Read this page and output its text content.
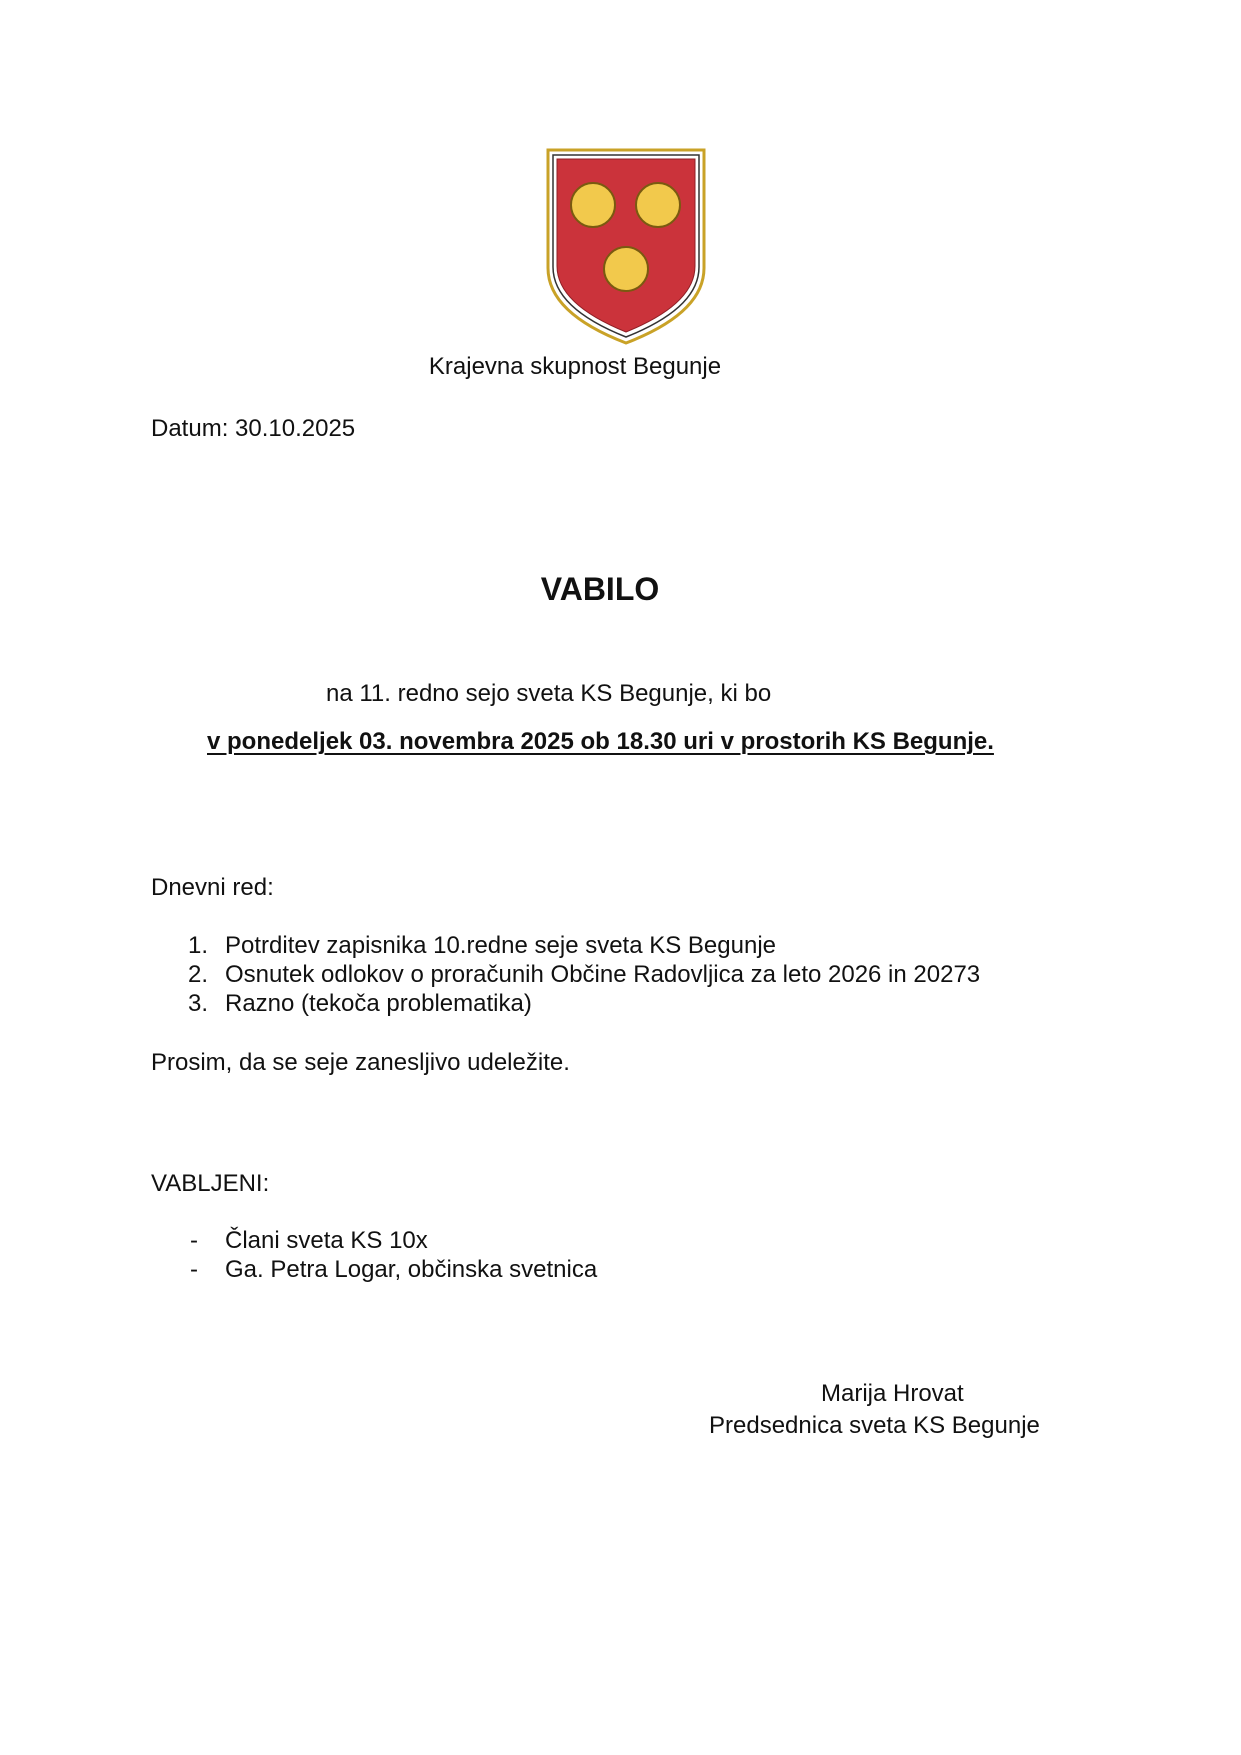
Krajevna skupnost Begunje
Datum: 30.10.2025
VABILO
na 11. redno sejo sveta KS Begunje, ki bo
v ponedeljek 03. novembra 2025 ob 18.30 uri v prostorih KS Begunje.
Dnevni red:
1. Potrditev zapisnika 10.redne seje sveta KS Begunje
2. Osnutek odlokov o proračunih Občine Radovljica za leto 2026 in 20273
3. Razno (tekoča problematika)
Prosim, da se seje zanesljivo udeležite.
VABLJENI:
- Člani sveta KS 10x
- Ga. Petra Logar, občinska svetnica
Marija Hrovat
Predsednica sveta KS Begunje
